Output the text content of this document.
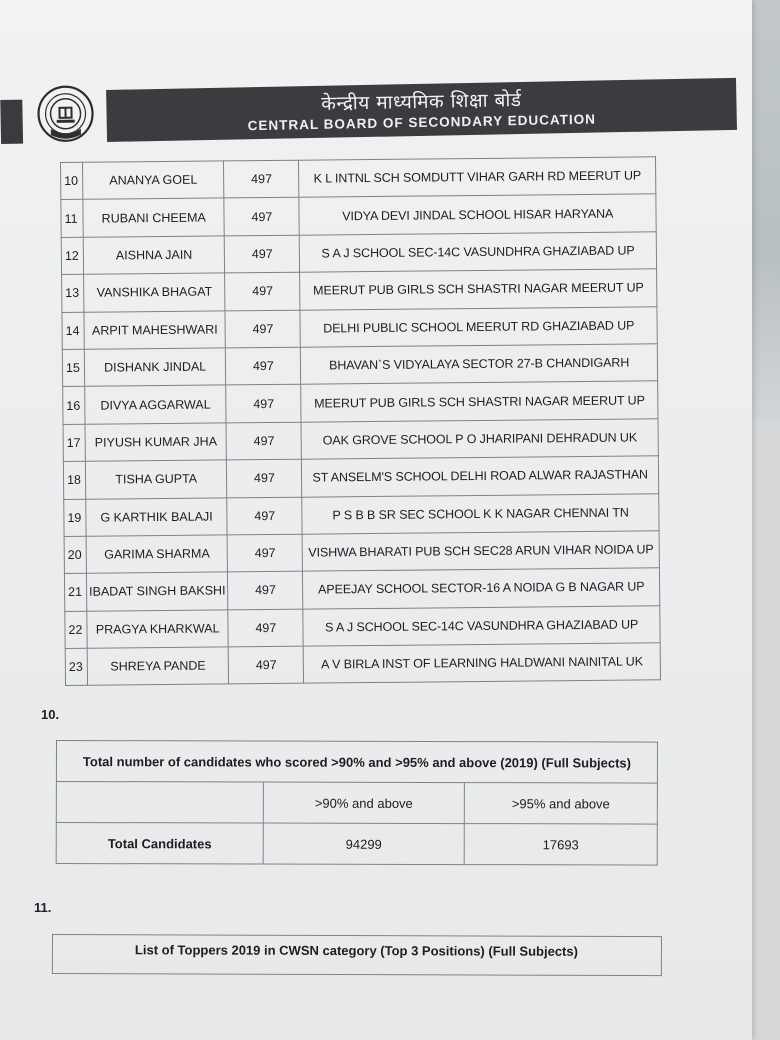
केन्द्रीय माध्यमिक शिक्षा बोर्ड
CENTRAL BOARD OF SECONDARY EDUCATION
10	ANANYA GOEL	497	K L INTNL SCH SOMDUTT VIHAR GARH RD MEERUT UP
11	RUBANI CHEEMA	497	VIDYA DEVI JINDAL SCHOOL HISAR HARYANA
12	AISHNA JAIN	497	S A J SCHOOL SEC-14C VASUNDHRA GHAZIABAD UP
13	VANSHIKA BHAGAT	497	MEERUT PUB GIRLS SCH SHASTRI NAGAR MEERUT UP
14	ARPIT MAHESHWARI	497	DELHI PUBLIC SCHOOL MEERUT RD GHAZIABAD UP
15	DISHANK JINDAL	497	BHAVAN`S VIDYALAYA SECTOR 27-B CHANDIGARH
16	DIVYA AGGARWAL	497	MEERUT PUB GIRLS SCH SHASTRI NAGAR MEERUT UP
17	PIYUSH KUMAR JHA	497	OAK GROVE SCHOOL P O JHARIPANI DEHRADUN UK
18	TISHA GUPTA	497	ST ANSELM'S SCHOOL DELHI ROAD ALWAR RAJASTHAN
19	G KARTHIK BALAJI	497	P S B B SR SEC SCHOOL K K NAGAR CHENNAI TN
20	GARIMA SHARMA	497	VISHWA BHARATI PUB SCH SEC28 ARUN VIHAR NOIDA UP
21	IBADAT SINGH BAKSHI	497	APEEJAY SCHOOL SECTOR-16 A NOIDA G B NAGAR UP
22	PRAGYA KHARKWAL	497	S A J SCHOOL SEC-14C VASUNDHRA GHAZIABAD UP
23	SHREYA PANDE	497	A V BIRLA INST OF LEARNING HALDWANI NAINITAL UK
10.
Total number of candidates who scored >90% and >95% and above (2019) (Full Subjects)		
	>90% and above	>95% and above
Total Candidates	94299	17693
11.
List of Toppers 2019 in CWSN category (Top 3 Positions) (Full Subjects)
